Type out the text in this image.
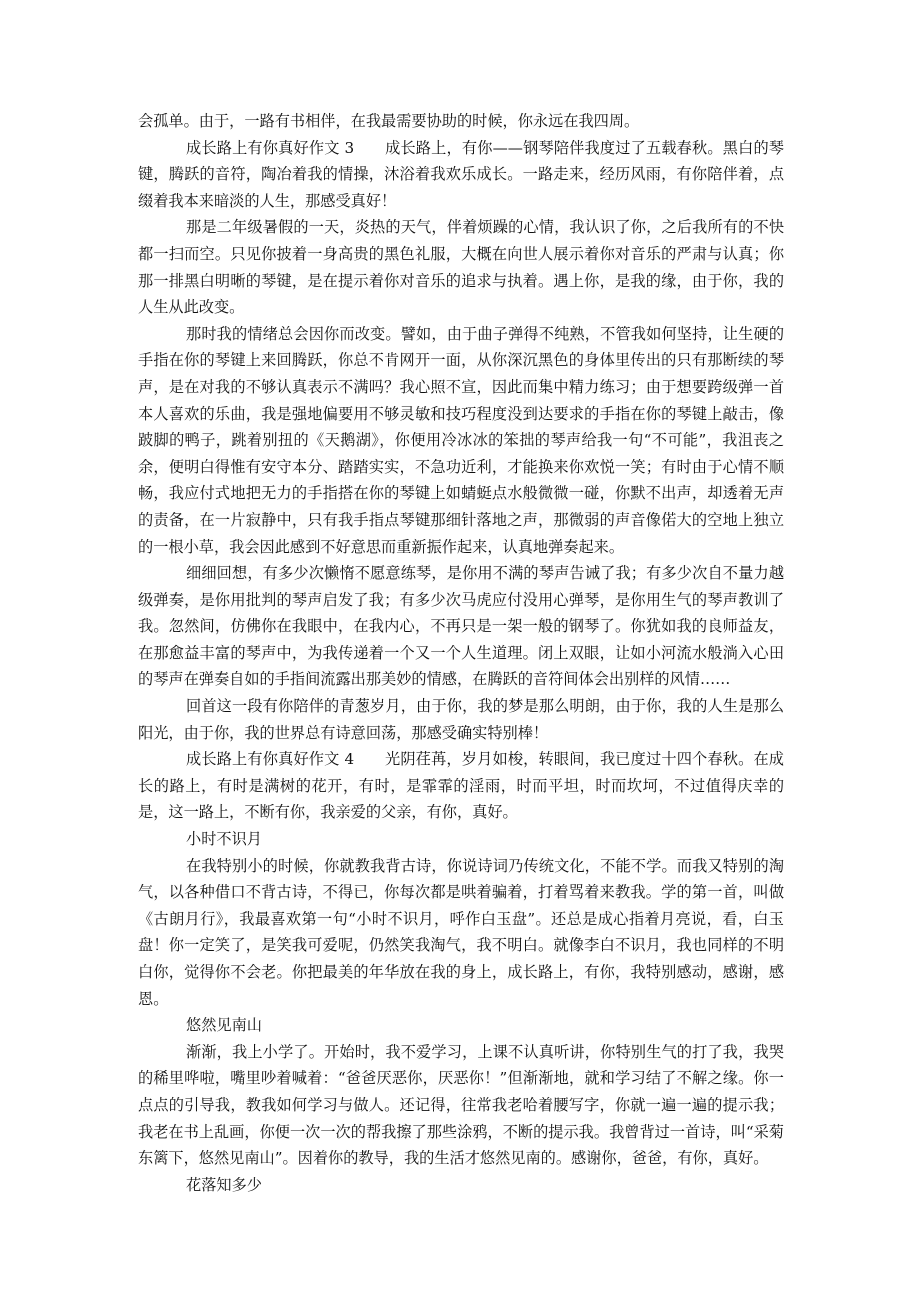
会孤单。由于，一路有书相伴，在我最需要协助的时候，你永远在我四周。

成长路上有你真好作文 3　　成长路上，有你——钢琴陪伴我度过了五载春秋。黑白的琴键，腾跃的音符，陶冶着我的情操，沐浴着我欢乐成长。一路走来，经历风雨，有你陪伴着，点缀着我本来暗淡的人生，那感受真好！

那是二年级暑假的一天，炎热的天气，伴着烦躁的心情，我认识了你，之后我所有的不快都一扫而空。只见你披着一身高贵的黑色礼服，大概在向世人展示着你对音乐的严肃与认真；你那一排黑白明晰的琴键，是在提示着你对音乐的追求与执着。遇上你，是我的缘，由于你，我的人生从此改变。

那时我的情绪总会因你而改变。譬如，由于曲子弹得不纯熟，不管我如何坚持，让生硬的手指在你的琴键上来回腾跃，你总不肯网开一面，从你深沉黑色的身体里传出的只有那断续的琴声，是在对我的不够认真表示不满吗？我心照不宣，因此而集中精力练习；由于想要跨级弹一首本人喜欢的乐曲，我是强地偏要用不够灵敏和技巧程度没到达要求的手指在你的琴键上敲击，像跛脚的鸭子，跳着别扭的《天鹅湖》，你便用冷冰冰的笨拙的琴声给我一句“不可能”，我沮丧之余，便明白得惟有安守本分、踏踏实实，不急功近利，才能换来你欢悦一笑；有时由于心情不顺畅，我应付式地把无力的手指搭在你的琴键上如蜻蜓点水般微微一碰，你默不出声，却透着无声的责备，在一片寂静中，只有我手指点琴键那细针落地之声，那微弱的声音像偌大的空地上独立的一根小草，我会因此感到不好意思而重新振作起来，认真地弹奏起来。

细细回想，有多少次懒惰不愿意练琴，是你用不满的琴声告诫了我；有多少次自不量力越级弹奏，是你用批判的琴声启发了我；有多少次马虎应付没用心弹琴，是你用生气的琴声教训了我。忽然间，仿佛你在我眼中，在我内心，不再只是一架一般的钢琴了。你犹如我的良师益友，在那愈益丰富的琴声中，为我传递着一个又一个人生道理。闭上双眼，让如小河流水般淌入心田的琴声在弹奏自如的手指间流露出那美妙的情感，在腾跃的音符间体会出别样的风情……

回首这一段有你陪伴的青葱岁月，由于你，我的梦是那么明朗，由于你，我的人生是那么阳光，由于你，我的世界总有诗意回荡，那感受确实特别棒！

成长路上有你真好作文 4　　光阴荏苒，岁月如梭，转眼间，我已度过十四个春秋。在成长的路上，有时是满树的花开，有时，是霏霏的淫雨，时而平坦，时而坎坷，不过值得庆幸的是，这一路上，不断有你，我亲爱的父亲，有你，真好。

小时不识月

在我特别小的时候，你就教我背古诗，你说诗词乃传统文化，不能不学。而我又特别的淘气，以各种借口不背古诗，不得已，你每次都是哄着骗着，打着骂着来教我。学的第一首，叫做《古朗月行》，我最喜欢第一句“小时不识月，呼作白玉盘”。还总是成心指着月亮说，看，白玉盘！你一定笑了，是笑我可爱呢，仍然笑我淘气，我不明白。就像李白不识月，我也同样的不明白你，觉得你不会老。你把最美的年华放在我的身上，成长路上，有你，我特别感动，感谢，感恩。

悠然见南山

渐渐，我上小学了。开始时，我不爱学习，上课不认真听讲，你特别生气的打了我，我哭的稀里哗啦，嘴里吵着喊着：“爸爸厌恶你，厌恶你！”但渐渐地，就和学习结了不解之缘。你一点点的引导我，教我如何学习与做人。还记得，往常我老哈着腰写字，你就一遍一遍的提示我；我老在书上乱画，你便一次一次的帮我擦了那些涂鸦，不断的提示我。我曾背过一首诗，叫“采菊东篱下，悠然见南山”。因着你的教导，我的生活才悠然见南的。感谢你，爸爸，有你，真好。

花落知多少
